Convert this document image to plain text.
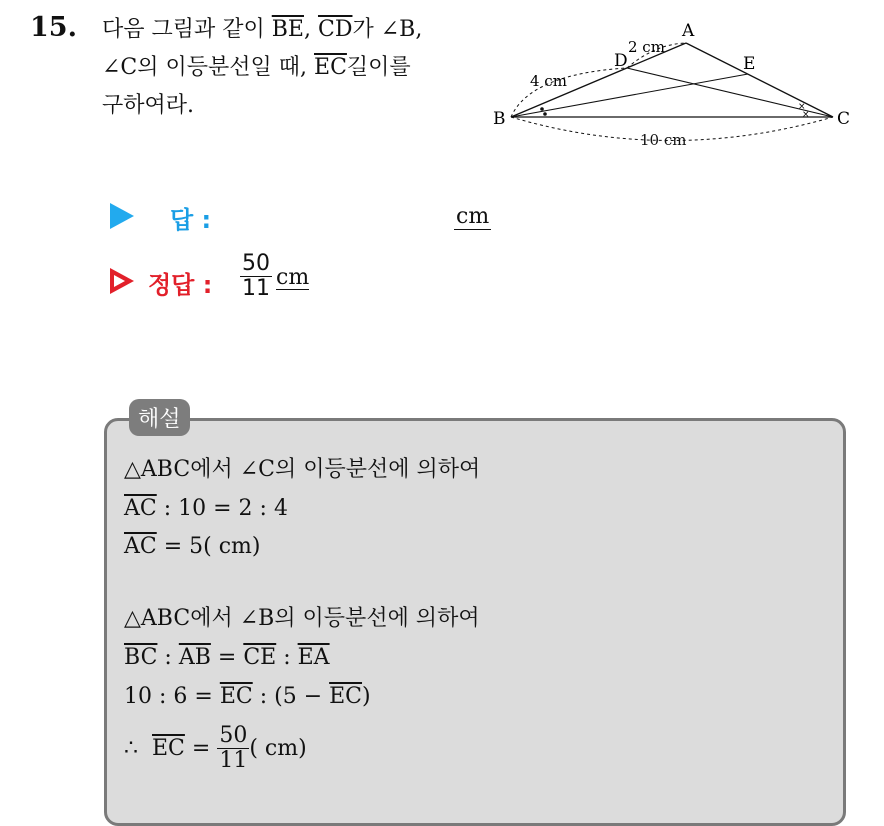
15. 다음 그림과 같이 $\overline{BE}$, $\overline{CD}$가 ∠B,
∠C의 이등분선일 때, $\overline{EC}$길이를
구하여라.	×
×
A
B	C
D	E
2 cm
4 cm
10 cm
답 :	cm
정답 : $\frac{50}{11}$ cm
해설
△ABC에서 ∠C의 이등분선에 의하여
$\overline{AC}$ : 10 = 2 : 4
$\overline{AC} = 5$( cm)
△ABC에서 ∠B의 이등분선에 의하여
$\overline{BC}$ : $\overline{AB} = \overline{CE}$ : $\overline{EA}$
10 : $6 = \overline{EC}$ : $(5 - \overline{EC})$
∴
$\overline{EC}$
=
$\frac{50}{11}$ ( cm)
